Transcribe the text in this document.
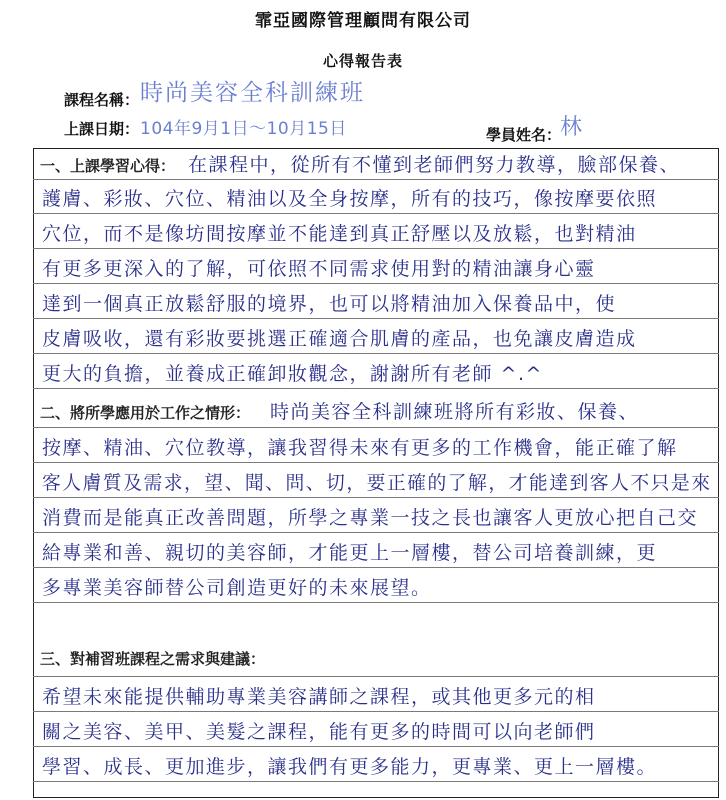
霏亞國際管理顧問有限公司
心得報告表
課程名稱： 時尚美容全科訓練班
上課日期： 104年9月1日～10月15日	學員姓名：
林
一、上課學習心得： 在課程中，從所有不懂到老師們努力教導，臉部保養、
護膚、彩妝、穴位、精油以及全身按摩，所有的技巧，像按摩要依照
穴位，而不是像坊間按摩並不能達到真正舒壓以及放鬆，也對精油
有更多更深入的了解，可依照不同需求使用對的精油讓身心靈
達到一個真正放鬆舒服的境界，也可以將精油加入保養品中，使
皮膚吸收，還有彩妝要挑選正確適合肌膚的產品，也免讓皮膚造成
更大的負擔，並養成正確卸妝觀念，謝謝所有老師 ^.^
二、將所學應用於工作之情形： 時尚美容全科訓練班將所有彩妝、保養、
按摩、精油、穴位教導，讓我習得未來有更多的工作機會，能正確了解
客人膚質及需求，望、聞、問、切，要正確的了解，才能達到客人不只是來
消費而是能真正改善問題，所學之專業一技之長也讓客人更放心把自己交
給專業和善、親切的美容師，才能更上一層樓，替公司培養訓練，更
多專業美容師替公司創造更好的未來展望。
三、對補習班課程之需求與建議：
希望未來能提供輔助專業美容講師之課程，或其他更多元的相
關之美容、美甲、美髮之課程，能有更多的時間可以向老師們
學習、成長、更加進步，讓我們有更多能力，更專業、更上一層樓。
